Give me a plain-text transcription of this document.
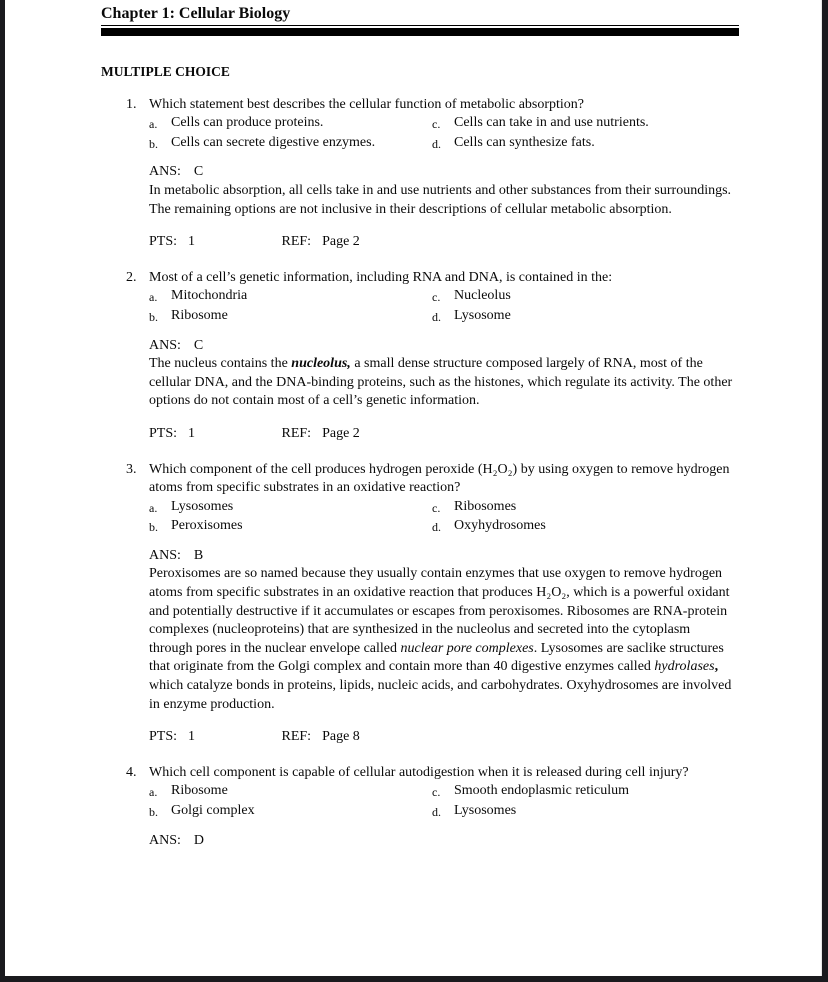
Chapter 1: Cellular Biology
MULTIPLE CHOICE
1. Which statement best describes the cellular function of metabolic absorption?
a. Cells can produce proteins.	c. Cells can take in and use nutrients.
b. Cells can secrete digestive enzymes.	d. Cells can synthesize fats.
ANS: C
In metabolic absorption, all cells take in and use nutrients and other substances from their surroundings. The remaining options are not inclusive in their descriptions of cellular metabolic absorption.
PTS: 1	REF: Page 2
2. Most of a cell’s genetic information, including RNA and DNA, is contained in the:
a. Mitochondria	c. Nucleolus
b. Ribosome	d. Lysosome
ANS: C
The nucleus contains the nucleolus, a small dense structure composed largely of RNA, most of the cellular DNA, and the DNA-binding proteins, such as the histones, which regulate its activity. The other options do not contain most of a cell’s genetic information.
PTS: 1	REF: Page 2
3. Which component of the cell produces hydrogen peroxide (H₂O₂) by using oxygen to remove hydrogen atoms from specific substrates in an oxidative reaction?
a. Lysosomes	c. Ribosomes
b. Peroxisomes	d. Oxyhydrosomes
ANS: B
Peroxisomes are so named because they usually contain enzymes that use oxygen to remove hydrogen atoms from specific substrates in an oxidative reaction that produces H₂O₂, which is a powerful oxidant and potentially destructive if it accumulates or escapes from peroxisomes. Ribosomes are RNA-protein complexes (nucleoproteins) that are synthesized in the nucleolus and secreted into the cytoplasm through pores in the nuclear envelope called nuclear pore complexes. Lysosomes are saclike structures that originate from the Golgi complex and contain more than 40 digestive enzymes called hydrolases, which catalyze bonds in proteins, lipids, nucleic acids, and carbohydrates. Oxyhydrosomes are involved in enzyme production.
PTS: 1	REF: Page 8
4. Which cell component is capable of cellular autodigestion when it is released during cell injury?
a. Ribosome	c. Smooth endoplasmic reticulum
b. Golgi complex	d. Lysosomes
ANS: D
